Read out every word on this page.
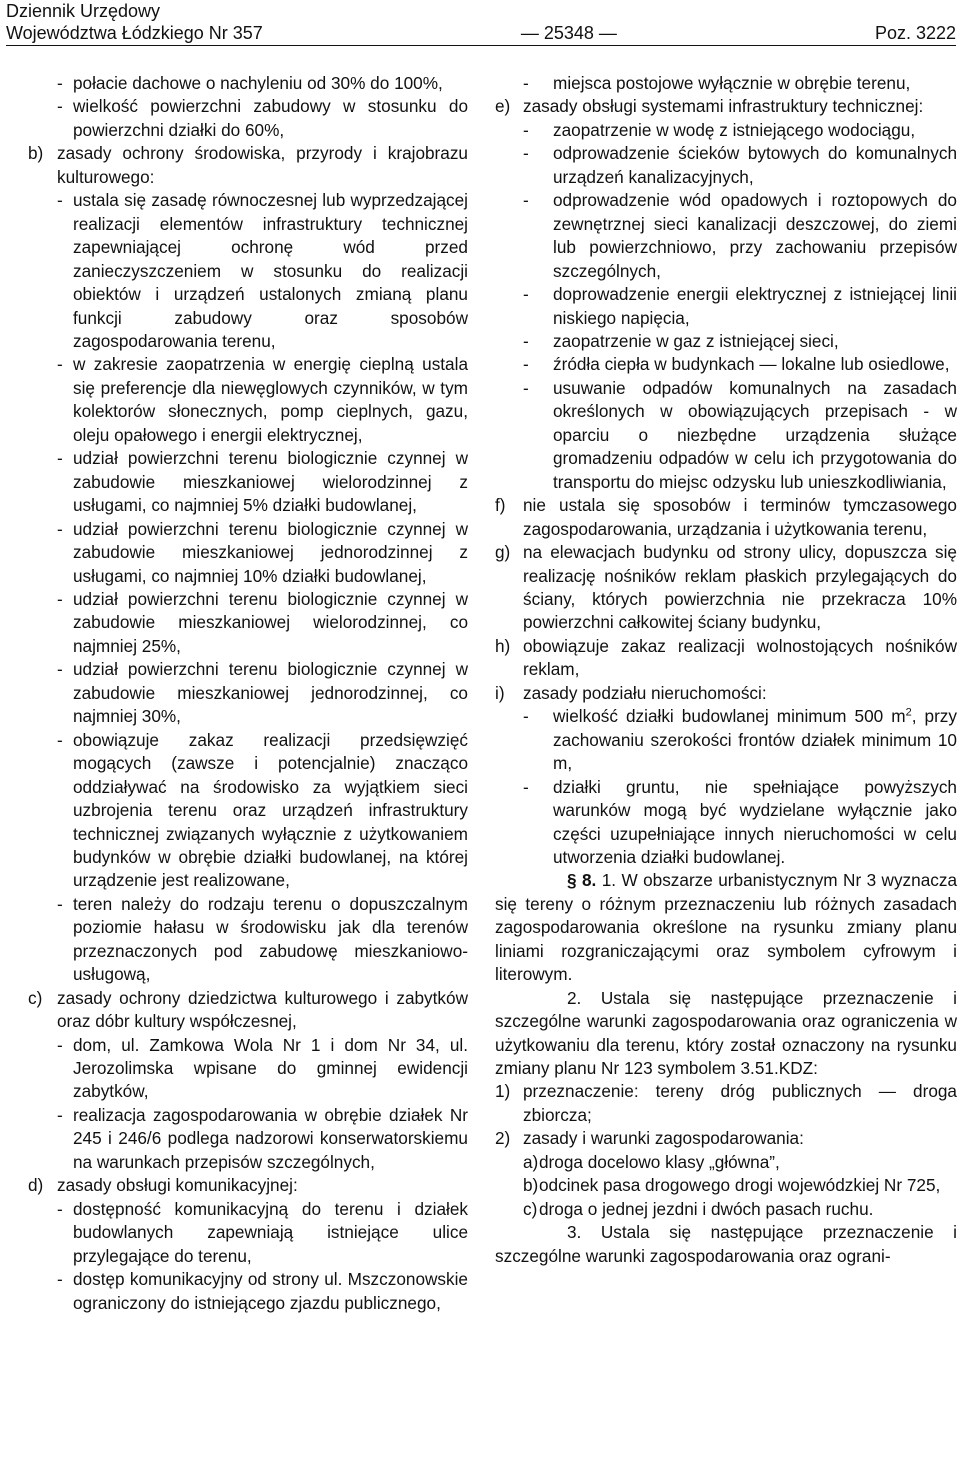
Dziennik Urzędowy
Województwa Łódzkiego Nr 357	— 25348 —	Poz. 3222
- połacie dachowe o nachyleniu od 30% do 100%,
- wielkość powierzchni zabudowy w stosunku do powierzchni działki do 60%,
b) zasady ochrony środowiska, przyrody i krajobrazu kulturowego:
- ustala się zasadę równoczesnej lub wyprzedzającej realizacji elementów infrastruktury technicznej zapewniającej ochronę wód przed zanieczyszczeniem w stosunku do realizacji obiektów i urządzeń ustalonych zmianą planu funkcji zabudowy oraz sposobów zagospodarowania terenu,
- w zakresie zaopatrzenia w energię cieplną ustala się preferencje dla niewęglowych czynników, w tym kolektorów słonecznych, pomp cieplnych, gazu, oleju opałowego i energii elektrycznej,
- udział powierzchni terenu biologicznie czynnej w zabudowie mieszkaniowej wielorodzinnej z usługami, co najmniej 5% działki budowlanej,
- udział powierzchni terenu biologicznie czynnej w zabudowie mieszkaniowej jednorodzinnej z usługami, co najmniej 10% działki budowlanej,
- udział powierzchni terenu biologicznie czynnej w zabudowie mieszkaniowej wielorodzinnej, co najmniej 25%,
- udział powierzchni terenu biologicznie czynnej w zabudowie mieszkaniowej jednorodzinnej, co najmniej 30%,
- obowiązuje zakaz realizacji przedsięwzięć mogących (zawsze i potencjalnie) znacząco oddziaływać na środowisko za wyjątkiem sieci uzbrojenia terenu oraz urządzeń infrastruktury technicznej związanych wyłącznie z użytkowaniem budynków w obrębie działki budowlanej, na której urządzenie jest realizowane,
- teren należy do rodzaju terenu o dopuszczalnym poziomie hałasu w środowisku jak dla terenów przeznaczonych pod zabudowę mieszkaniowo-usługową,
c) zasady ochrony dziedzictwa kulturowego i zabytków oraz dóbr kultury współczesnej,
- dom, ul. Zamkowa Wola Nr 1 i dom Nr 34, ul. Jerozolimska wpisane do gminnej ewidencji zabytków,
- realizacja zagospodarowania w obrębie działek Nr 245 i 246/6 podlega nadzorowi konserwatorskiemu na warunkach przepisów szczególnych,
d) zasady obsługi komunikacyjnej:
- dostępność komunikacyjną do terenu i działek budowlanych zapewniają istniejące ulice przylegające do terenu,
- dostęp komunikacyjny od strony ul. Mszczonowskie ograniczony do istniejącego zjazdu publicznego,
-	miejsca postojowe wyłącznie w obrębie terenu,
e) zasady obsługi systemami infrastruktury technicznej:
-	zaopatrzenie w wodę z istniejącego wodociągu,
-	odprowadzenie ścieków bytowych do komunalnych urządzeń kanalizacyjnych,
-	odprowadzenie wód opadowych i roztopowych do zewnętrznej sieci kanalizacji deszczowej, do ziemi lub powierzchniowo, przy zachowaniu przepisów szczególnych,
-	doprowadzenie energii elektrycznej z istniejącej linii niskiego napięcia,
-	zaopatrzenie w gaz z istniejącej sieci,
-	źródła ciepła w budynkach — lokalne lub osiedlowe,
-	usuwanie odpadów komunalnych na zasadach określonych w obowiązujących przepisach - w oparciu o niezbędne urządzenia służące gromadzeniu odpadów w celu ich przygotowania do transportu do miejsc odzysku lub unieszkodliwiania,
f)	nie ustala się sposobów i terminów tymczasowego zagospodarowania, urządzania i użytkowania terenu,
g) na elewacjach budynku od strony ulicy, dopuszcza się realizację nośników reklam płaskich przylegających do ściany, których powierzchnia nie przekracza 10% powierzchni całkowitej ściany budynku,
h) obowiązuje zakaz realizacji wolnostojących nośników reklam,
i)	zasady podziału nieruchomości:
-	wielkość działki budowlanej minimum 500 $m^2$, przy zachowaniu szerokości frontów działek minimum 10 m,
-	działki gruntu, nie spełniające powyższych warunków mogą być wydzielane wyłącznie jako części uzupełniające innych nieruchomości w celu utworzenia działki budowlanej.
§ 8. 1. W obszarze urbanistycznym Nr 3 wyznacza się tereny o różnym przeznaczeniu lub różnych zasadach zagospodarowania określone na rysunku zmiany planu liniami rozgraniczającymi oraz symbolem cyfrowym i literowym.
2. Ustala się następujące przeznaczenie i szczególne warunki zagospodarowania oraz ograniczenia w użytkowaniu dla terenu, który został oznaczony na rysunku zmiany planu Nr 123 symbolem 3.51.KDZ:
1) przeznaczenie: tereny dróg publicznych — droga zbiorcza;
2) zasady i warunki zagospodarowania:
a) droga docelowo klasy „główna”,
b) odcinek pasa drogowego drogi wojewódzkiej Nr 725,
c) droga o jednej jezdni i dwóch pasach ruchu.
3. Ustala się następujące przeznaczenie i szczególne warunki zagospodarowania oraz ograni-
